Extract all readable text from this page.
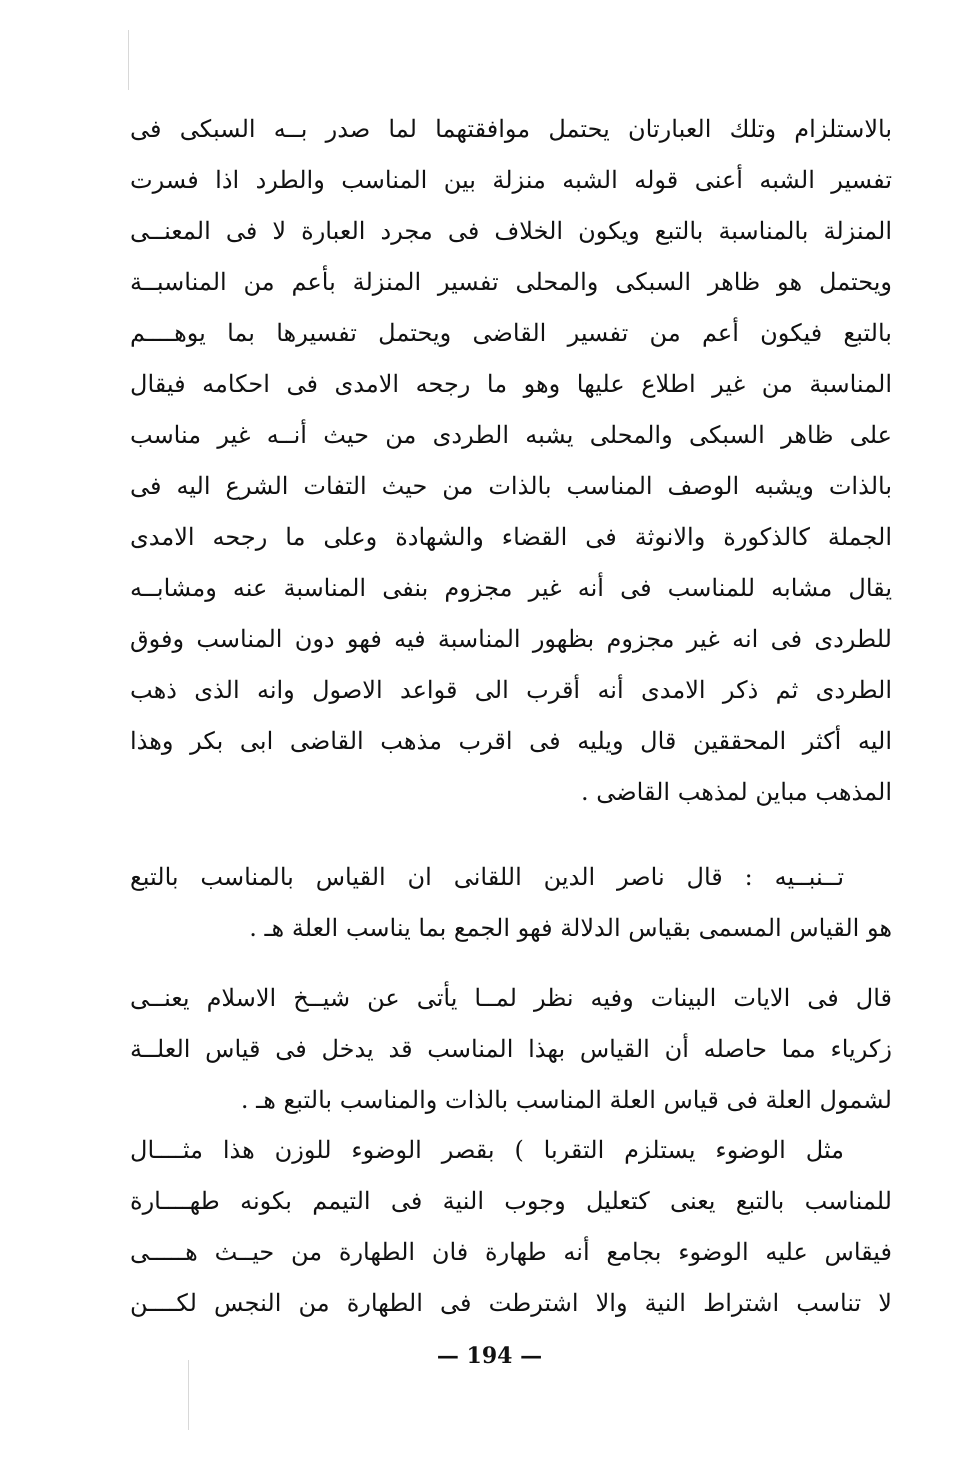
بالاستلزام وتلك العبارتان يحتمل موافقتهما لما صدر بــه السبكى فى
تفسير الشبه أعنى قوله الشبه منزلة بين المناسب والطرد اذا فسرت
المنزلة بالمناسبة بالتبع ويكون الخلاف فى مجرد العبارة لا فى المعنــى
ويحتمل هو ظاهر السبكى والمحلى تفسير المنزلة بأعم من المناسبــة
بالتبع فيكون أعم من تفسير القاضى ويحتمل تفسيرها بما يوهــــم
المناسبة من غير اطلاع عليها وهو ما رجحه الامدى فى احكامه فيقال
على ظاهر السبكى والمحلى يشبه الطردى من حيث أنــه غير مناسب
بالذات ويشبه الوصف المناسب بالذات من حيث التفات الشرع اليه فى
الجملة كالذكورة والانوثة فى القضاء والشهادة وعلى ما رجحه الامدى
يقال مشابه للمناسب فى أنه غير مجزوم بنفى المناسبة عنه ومشابــه
للطردى فى انه غير مجزوم بظهور المناسبة فيه فهو دون المناسب وفوق
الطردى ثم ذكر الامدى أنه أقرب الى قواعد الاصول وانه الذى ذهب
اليه أكثر المحققين قال ويليه فى اقرب مذهب القاضى ابى بكر وهذا
المذهب مباين لمذهب القاضى .
تــنبــيه : قال ناصر الدين اللقانى ان القياس بالمناسب بالتبع
هو القياس المسمى بقياس الدلالة فهو الجمع بما يناسب العلة هـ .
قال فى الايات البينات وفيه نظر لمــا يأتى عن شيــخ الاسلام يعنــى
زكرياء مما حاصله أن القياس بهذا المناسب قد يدخل فى قياس العلــة
لشمول العلة فى قياس العلة المناسب بالذات والمناسب بالتبع هـ .
مثل الوضوء يستلزم التقربا ) بقصر الوضوء للوزن هذا مثــــال
للمناسب بالتبع يعنى كتعليل وجوب النية فى التيمم بكونه طهــــارة
فيقاس عليه الوضوء بجامع أنه طهارة فان الطهارة من حيــث هـــــى
لا تناسب اشتراط النية والا اشترطت فى الطهارة من النجس لكــــن
— 194 —
